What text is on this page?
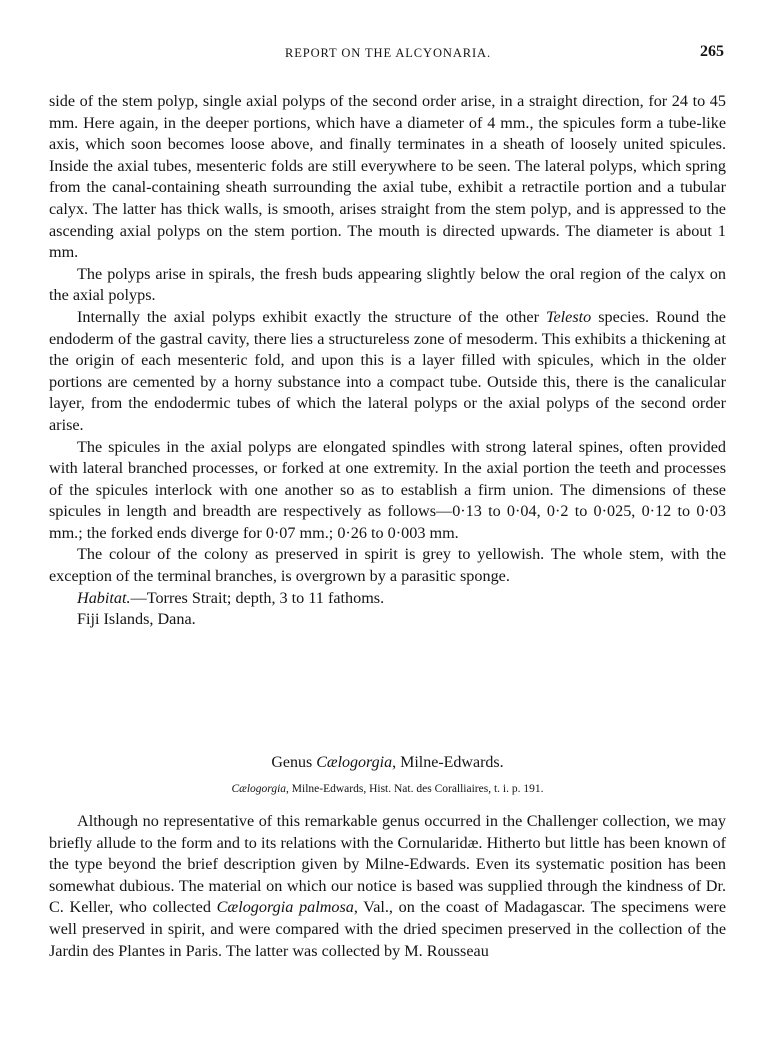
REPORT ON THE ALCYONARIA.	265

side of the stem polyp, single axial polyps of the second order arise, in a straight direction, for 24 to 45 mm. Here again, in the deeper portions, which have a diameter of 4 mm., the spicules form a tube-like axis, which soon becomes loose above, and finally terminates in a sheath of loosely united spicules. Inside the axial tubes, mesenteric folds are still everywhere to be seen. The lateral polyps, which spring from the canal-containing sheath surrounding the axial tube, exhibit a retractile portion and a tubular calyx. The latter has thick walls, is smooth, arises straight from the stem polyp, and is appressed to the ascending axial polyps on the stem portion. The mouth is directed upwards. The diameter is about 1 mm.

The polyps arise in spirals, the fresh buds appearing slightly below the oral region of the calyx on the axial polyps.

Internally the axial polyps exhibit exactly the structure of the other Telesto species. Round the endoderm of the gastral cavity, there lies a structureless zone of mesoderm. This exhibits a thickening at the origin of each mesenteric fold, and upon this is a layer filled with spicules, which in the older portions are cemented by a horny substance into a compact tube. Outside this, there is the canalicular layer, from the endodermic tubes of which the lateral polyps or the axial polyps of the second order arise.

The spicules in the axial polyps are elongated spindles with strong lateral spines, often provided with lateral branched processes, or forked at one extremity. In the axial portion the teeth and processes of the spicules interlock with one another so as to establish a firm union. The dimensions of these spicules in length and breadth are respectively as follows—0·13 to 0·04, 0·2 to 0·025, 0·12 to 0·03 mm.; the forked ends diverge for 0·07 mm.; 0·26 to 0·003 mm.

The colour of the colony as preserved in spirit is grey to yellowish. The whole stem, with the exception of the terminal branches, is overgrown by a parasitic sponge.

Habitat.—Torres Strait; depth, 3 to 11 fathoms.

Fiji Islands, Dana.

Genus Cælogorgia, Milne-Edwards.

Cælogorgia, Milne-Edwards, Hist. Nat. des Coralliaires, t. i. p. 191.

Although no representative of this remarkable genus occurred in the Challenger collection, we may briefly allude to the form and to its relations with the Cornularidæ. Hitherto but little has been known of the type beyond the brief description given by Milne-Edwards. Even its systematic position has been somewhat dubious. The material on which our notice is based was supplied through the kindness of Dr. C. Keller, who collected Cælogorgia palmosa, Val., on the coast of Madagascar. The specimens were well preserved in spirit, and were compared with the dried specimen preserved in the collection of the Jardin des Plantes in Paris. The latter was collected by M. Rousseau
